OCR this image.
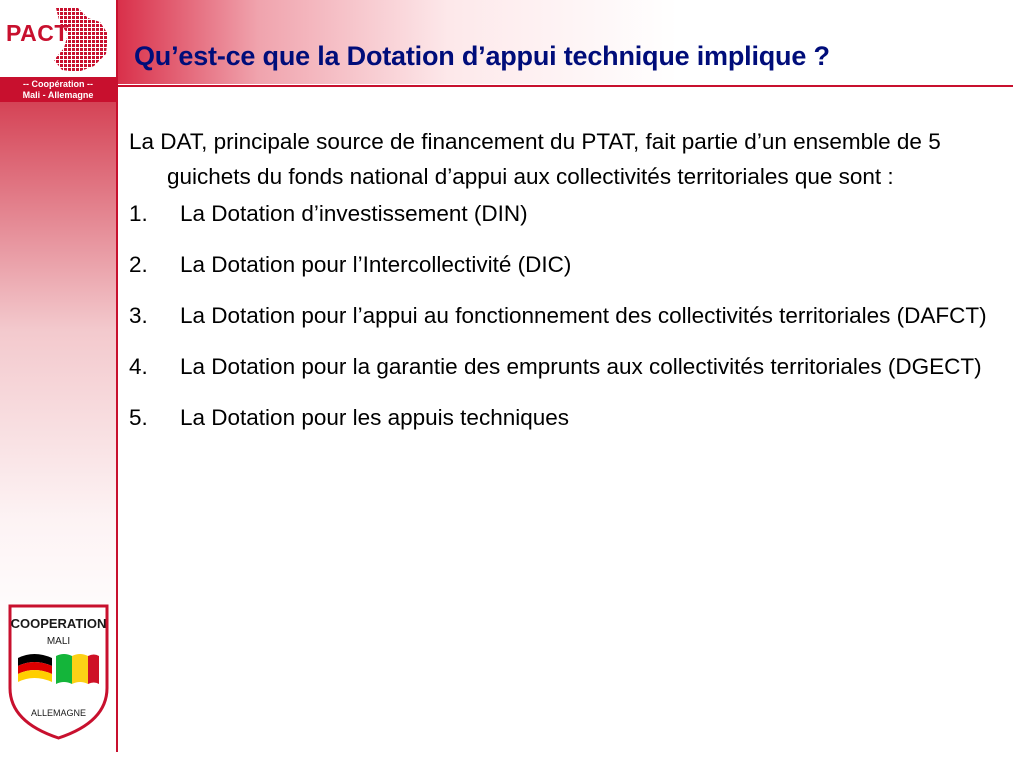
PACT
-- Coopération --
Mali - Allemagne
Qu’est-ce que la Dotation d’appui technique implique ?

La DAT, principale source de financement du PTAT, fait partie d’un ensemble de 5 guichets du fonds national d’appui aux collectivités territoriales que sont :

1. La Dotation d’investissement (DIN)
2. La Dotation pour l’Intercollectivité (DIC)
3. La Dotation pour l’appui au fonctionnement des collectivités territoriales (DAFCT)
4. La Dotation pour la garantie des emprunts aux collectivités territoriales (DGECT)
5. La Dotation pour les appuis techniques
COOPERATION
MALI
ALLEMAGNE
